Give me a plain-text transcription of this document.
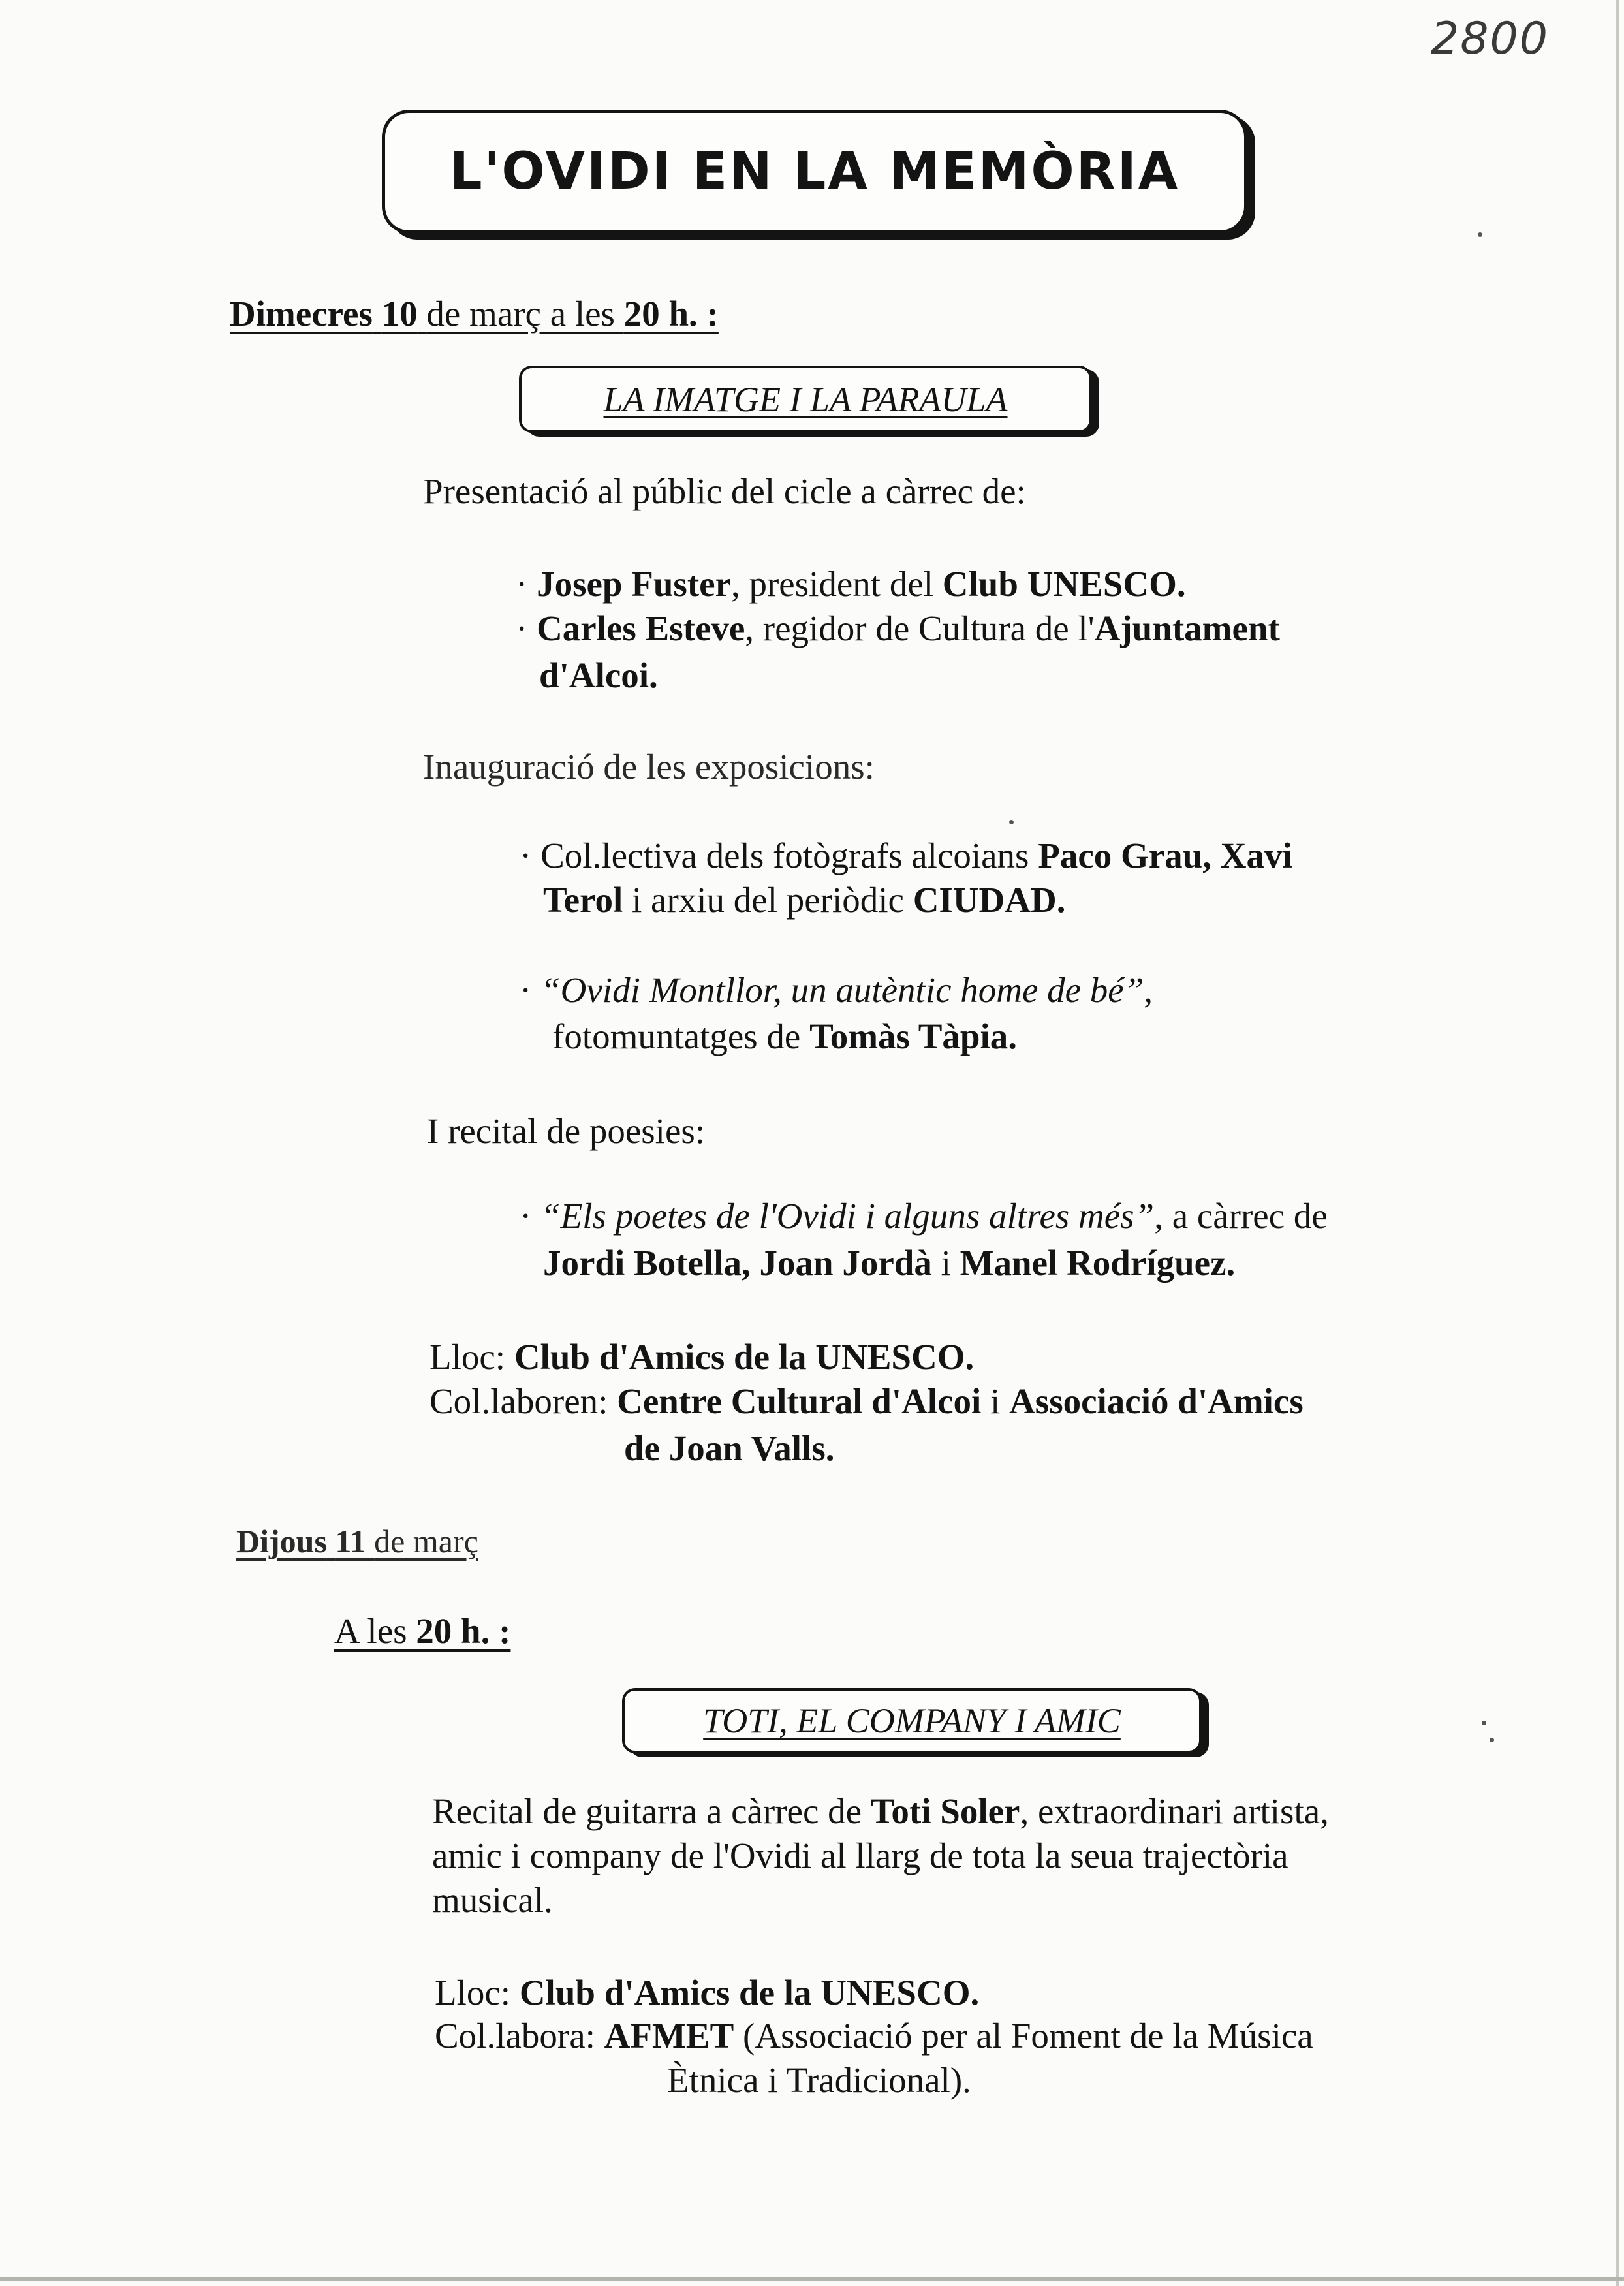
2800
L'OVIDI EN LA MEMÒRIA
Dimecres 10 de març a les 20 h. :
LA IMATGE I LA PARAULA
Presentació al públic del cicle a càrrec de:
· Josep Fuster, president del Club UNESCO.
· Carles Esteve, regidor de Cultura de l'Ajuntament
d'Alcoi.
Inauguració de les exposicions:
· Col.lectiva dels fotògrafs alcoians Paco Grau, Xavi
Terol i arxiu del periòdic CIUDAD.
· “Ovidi Montllor, un autèntic home de bé”,
fotomuntatges de Tomàs Tàpia.
I recital de poesies:
· “Els poetes de l'Ovidi i alguns altres més”, a càrrec de
Jordi Botella, Joan Jordà i Manel Rodríguez.
Lloc: Club d'Amics de la UNESCO.
Col.laboren: Centre Cultural d'Alcoi i Associació d'Amics
de Joan Valls.
Dijous 11 de març
A les 20 h. :
TOTI, EL COMPANY I AMIC
Recital de guitarra a càrrec de Toti Soler, extraordinari artista,
amic i company de l'Ovidi al llarg de tota la seua trajectòria
musical.
Lloc: Club d'Amics de la UNESCO.
Col.labora: AFMET (Associació per al Foment de la Música
Ètnica i Tradicional).
